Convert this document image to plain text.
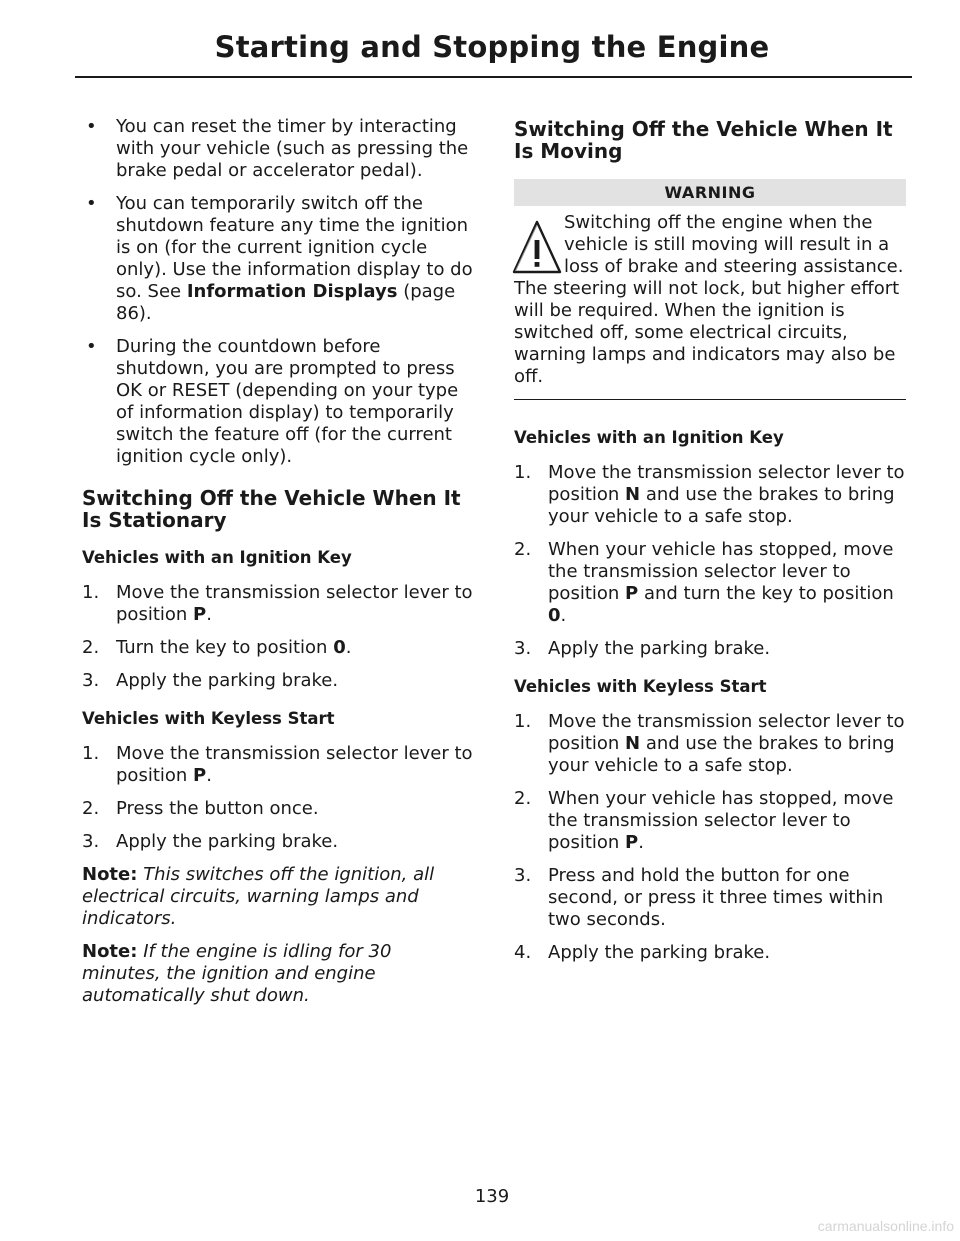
Starting and Stopping the Engine
• You can reset the timer by interacting with your vehicle (such as pressing the brake pedal or accelerator pedal).

• You can temporarily switch off the shutdown feature any time the ignition is on (for the current ignition cycle only). Use the information display to do so. See Information Displays (page 86).

• During the countdown before shutdown, you are prompted to press OK or RESET (depending on your type of information display) to temporarily switch the feature off (for the current ignition cycle only).

Switching Off the Vehicle When It Is Stationary
Vehicles with an Ignition Key
1. Move the transmission selector lever to position P.

2. Turn the key to position 0.

3. Apply the parking brake.

Vehicles with Keyless Start
1. Move the transmission selector lever to position P.

2. Press the button once.

3. Apply the parking brake.

Note: This switches off the ignition, all electrical circuits, warning lamps and indicators.

Note: If the engine is idling for 30 minutes, the ignition and engine automatically shut down.

Switching Off the Vehicle When It Is Moving
WARNING

Switching off the engine when the vehicle is still moving will result in a loss of brake and steering assistance. The steering will not lock, but higher effort will be required. When the ignition is switched off, some electrical circuits, warning lamps and indicators may also be off.

Vehicles with an Ignition Key
1. Move the transmission selector lever to position N and use the brakes to bring your vehicle to a safe stop.

2. When your vehicle has stopped, move the transmission selector lever to position P and turn the key to position 0.

3. Apply the parking brake.

Vehicles with Keyless Start
1. Move the transmission selector lever to position N and use the brakes to bring your vehicle to a safe stop.

2. When your vehicle has stopped, move the transmission selector lever to position P.

3. Press and hold the button for one second, or press it three times within two seconds.

4. Apply the parking brake.

139
carmanualsonline.info
